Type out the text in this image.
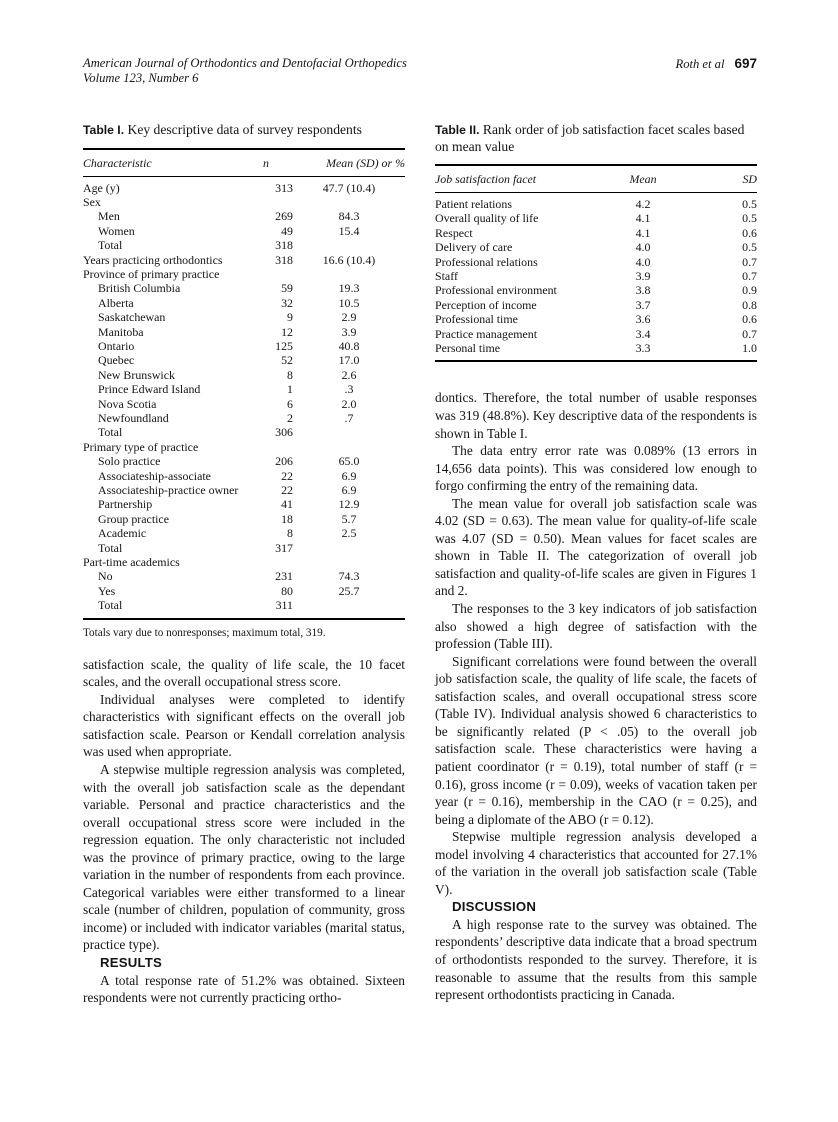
American Journal of Orthodontics and Dentofacial Orthopedics
Volume 123, Number 6
Roth et al 697

Table I. Key descriptive data of survey respondents

Characteristic	n	Mean (SD) or %
Age (y)	313	47.7 (10.4)
Sex
Men	269	84.3
Women	49	15.4
Total	318
Years practicing orthodontics	318	16.6 (10.4)
Province of primary practice
British Columbia	59	19.3
Alberta	32	10.5
Saskatchewan	9	2.9
Manitoba	12	3.9
Ontario	125	40.8
Quebec	52	17.0
New Brunswick	8	2.6
Prince Edward Island	1	.3
Nova Scotia	6	2.0
Newfoundland	2	.7
Total	306
Primary type of practice
Solo practice	206	65.0
Associateship-associate	22	6.9
Associateship-practice owner	22	6.9
Partnership	41	12.9
Group practice	18	5.7
Academic	8	2.5
Total	317
Part-time academics
No	231	74.3
Yes	80	25.7
Total	311
Totals vary due to nonresponses; maximum total, 319.

satisfaction scale, the quality of life scale, the 10 facet scales, and the overall occupational stress score.

Individual analyses were completed to identify characteristics with significant effects on the overall job satisfaction scale. Pearson or Kendall correlation analysis was used when appropriate.

A stepwise multiple regression analysis was completed, with the overall job satisfaction scale as the dependant variable. Personal and practice characteristics and the overall occupational stress score were included in the regression equation. The only characteristic not included was the province of primary practice, owing to the large variation in the number of respondents from each province. Categorical variables were either transformed to a linear scale (number of children, population of community, gross income) or included with indicator variables (marital status, practice type).

RESULTS

A total response rate of 51.2% was obtained. Sixteen respondents were not currently practicing ortho-

Table II. Rank order of job satisfaction facet scales based on mean value

Job satisfaction facet	Mean	SD
Patient relations	4.2	0.5
Overall quality of life	4.1	0.5
Respect	4.1	0.6
Delivery of care	4.0	0.5
Professional relations	4.0	0.7
Staff	3.9	0.7
Professional environment	3.8	0.9
Perception of income	3.7	0.8
Professional time	3.6	0.6
Practice management	3.4	0.7
Personal time	3.3	1.0

dontics. Therefore, the total number of usable responses was 319 (48.8%). Key descriptive data of the respondents is shown in Table I.

The data entry error rate was 0.089% (13 errors in 14,656 data points). This was considered low enough to forgo confirming the entry of the remaining data.

The mean value for overall job satisfaction scale was 4.02 (SD = 0.63). The mean value for quality-of-life scale was 4.07 (SD = 0.50). Mean values for facet scales are shown in Table II. The categorization of overall job satisfaction and quality-of-life scales are given in Figures 1 and 2.

The responses to the 3 key indicators of job satisfaction also showed a high degree of satisfaction with the profession (Table III).

Significant correlations were found between the overall job satisfaction scale, the quality of life scale, the facets of satisfaction scales, and overall occupational stress score (Table IV). Individual analysis showed 6 characteristics to be significantly related (P < .05) to the overall job satisfaction scale. These characteristics were having a patient coordinator (r = 0.19), total number of staff (r = 0.16), gross income (r = 0.09), weeks of vacation taken per year (r = 0.16), membership in the CAO (r = 0.25), and being a diplomate of the ABO (r = 0.12).

Stepwise multiple regression analysis developed a model involving 4 characteristics that accounted for 27.1% of the variation in the overall job satisfaction scale (Table V).

DISCUSSION

A high response rate to the survey was obtained. The respondents’ descriptive data indicate that a broad spectrum of orthodontists responded to the survey. Therefore, it is reasonable to assume that the results from this sample represent orthodontists practicing in Canada.
